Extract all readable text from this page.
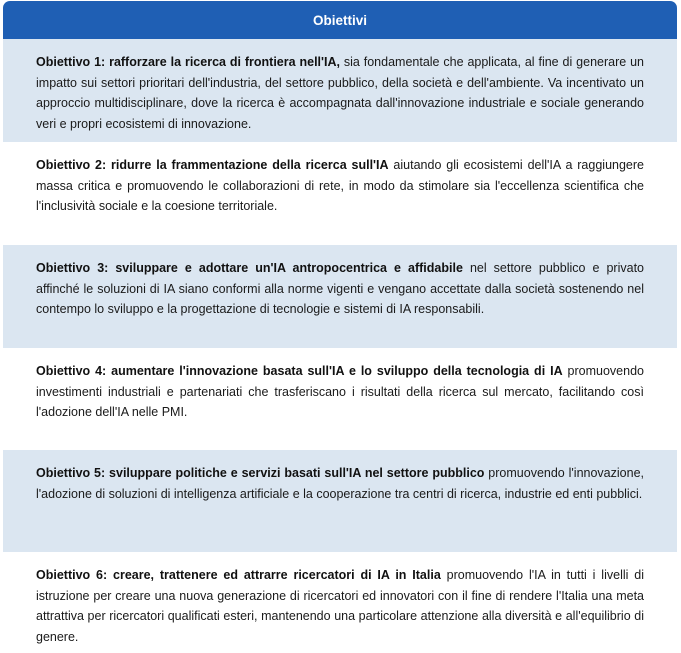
Obiettivi
Obiettivo 1: rafforzare la ricerca di frontiera nell'IA, sia fondamentale che applicata, al fine di generare un impatto sui settori prioritari dell'industria, del settore pubblico, della società e dell'ambiente. Va incentivato un approccio multidisciplinare, dove la ricerca è accompagnata dall'innovazione industriale e sociale generando veri e propri ecosistemi di innovazione.
Obiettivo 2: ridurre la frammentazione della ricerca sull'IA aiutando gli ecosistemi dell'IA a raggiungere massa critica e promuovendo le collaborazioni di rete, in modo da stimolare sia l'eccellenza scientifica che l'inclusività sociale e la coesione territoriale.
Obiettivo 3: sviluppare e adottare un'IA antropocentrica e affidabile nel settore pubblico e privato affinché le soluzioni di IA siano conformi alla norme vigenti e vengano accettate dalla società sostenendo nel contempo lo sviluppo e la progettazione di tecnologie e sistemi di IA responsabili.
Obiettivo 4: aumentare l'innovazione basata sull'IA e lo sviluppo della tecnologia di IA promuovendo investimenti industriali e partenariati che trasferiscano i risultati della ricerca sul mercato, facilitando così l'adozione dell'IA nelle PMI.
Obiettivo 5: sviluppare politiche e servizi basati sull'IA nel settore pubblico promuovendo l'innovazione, l'adozione di soluzioni di intelligenza artificiale e la cooperazione tra centri di ricerca, industrie ed enti pubblici.
Obiettivo 6: creare, trattenere ed attrarre ricercatori di IA in Italia promuovendo l'IA in tutti i livelli di istruzione per creare una nuova generazione di ricercatori ed innovatori con il fine di rendere l'Italia una meta attrattiva per ricercatori qualificati esteri, mantenendo una particolare attenzione alla diversità e all'equilibrio di genere.
